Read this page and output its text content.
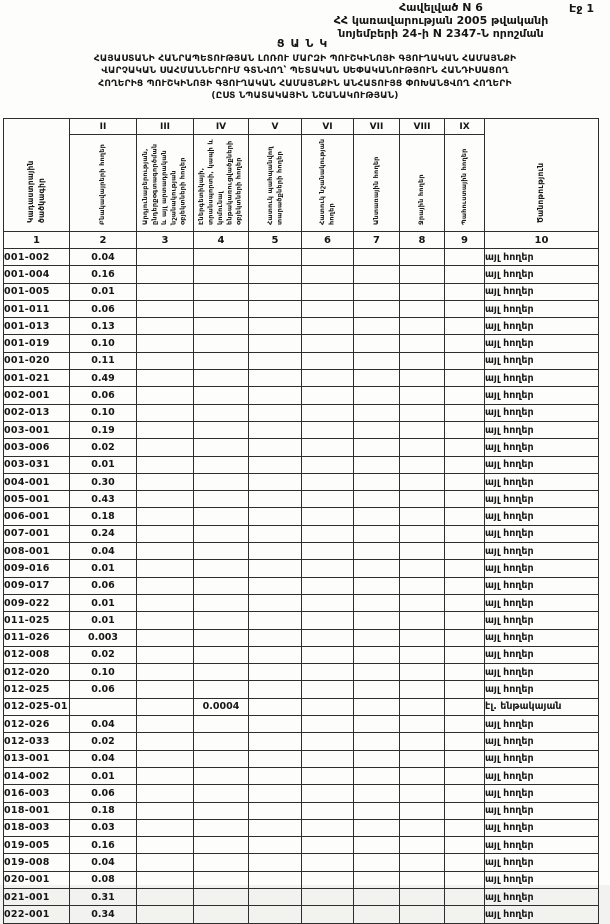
Էջ 1
Հավելված N 6
ՀՀ կառավարության 2005 թվականի
նոյեմբերի 24-ի N 2347-Ն որոշման
ՑԱՆԿ
ՀԱՅԱՍՏԱՆԻ ՀԱՆՐԱՊԵՏՈՒԹՅԱՆ ԼՈՌՈՒ ՄԱՐԶԻ ՊՈՒՇԿԻՆՈՅԻ ԳՅՈՒՂԱԿԱՆ ՀԱՄԱՅՆՔԻ
ՎԱՐՉԱԿԱՆ ՍԱՀՄԱՆՆԵՐՈՒՄ ԳՏՆՎՈՂ՝ ՊԵՏԱԿԱՆ ՍԵՓԱԿԱՆՈՒԹՅՈՒՆ ՀԱՆԴԻՍԱՑՈՂ
ՀՈՂԵՐԻՑ ՊՈՒՇԿԻՆՈՅԻ ԳՅՈՒՂԱԿԱՆ ՀԱՄԱՅՆՔԻՆ ԱՆՀԱՏՈՒՅՑ ՓՈԽԱՆՑՎՈՂ ՀՈՂԵՐԻ
(ԸՍՏ ՆՊԱՏԱԿԱՅԻՆ ՆՇԱՆԱԿՈՒԹՅԱՆ)
Կադաստրային ծածկագիր	II	III	IV	V	VI	VII	VIII	IX	Ծանոթություն
	Բնակավայրերի հողեր	Արդյունաբերության, ընդերքօգտագործման և այլ արտադրական նշանակության օբյեկտների հողեր	Էներգետիկայի, տրանսպորտի, կապի և կոմունալ ենթակառուցվածքների օբյեկտների հողեր	Հատուկ պահպանվող տարածքների հողեր	Հատուկ նշանակության հողեր	Անտառային հողեր	Ջրային հողեր	Պահուստային հողեր	
1	2	3	4	5	6	7	8	9	10
001-002	0.04								այլ հողեր
001-004	0.16								այլ հողեր
001-005	0.01								այլ հողեր
001-011	0.06								այլ հողեր
001-013	0.13								այլ հողեր
001-019	0.10								այլ հողեր
001-020	0.11								այլ հողեր
001-021	0.49								այլ հողեր
002-001	0.06								այլ հողեր
002-013	0.10								այլ հողեր
003-001	0.19								այլ հողեր
003-006	0.02								այլ հողեր
003-031	0.01								այլ հողեր
004-001	0.30								այլ հողեր
005-001	0.43								այլ հողեր
006-001	0.18								այլ հողեր
007-001	0.24								այլ հողեր
008-001	0.04								այլ հողեր
009-016	0.01								այլ հողեր
009-017	0.06								այլ հողեր
009-022	0.01								այլ հողեր
011-025	0.01								այլ հողեր
011-026	0.003								այլ հողեր
012-008	0.02								այլ հողեր
012-020	0.10								այլ հողեր
012-025	0.06								այլ հողեր
012-025-01			0.0004						էլ. ենթակայան
012-026	0.04								այլ հողեր
012-033	0.02								այլ հողեր
013-001	0.04								այլ հողեր
014-002	0.01								այլ հողեր
016-003	0.06								այլ հողեր
018-001	0.18								այլ հողեր
018-003	0.03								այլ հողեր
019-005	0.16								այլ հողեր
019-008	0.04								այլ հողեր
020-001	0.08								այլ հողեր
021-001	0.31								այլ հողեր
022-001	0.34								այլ հողեր
